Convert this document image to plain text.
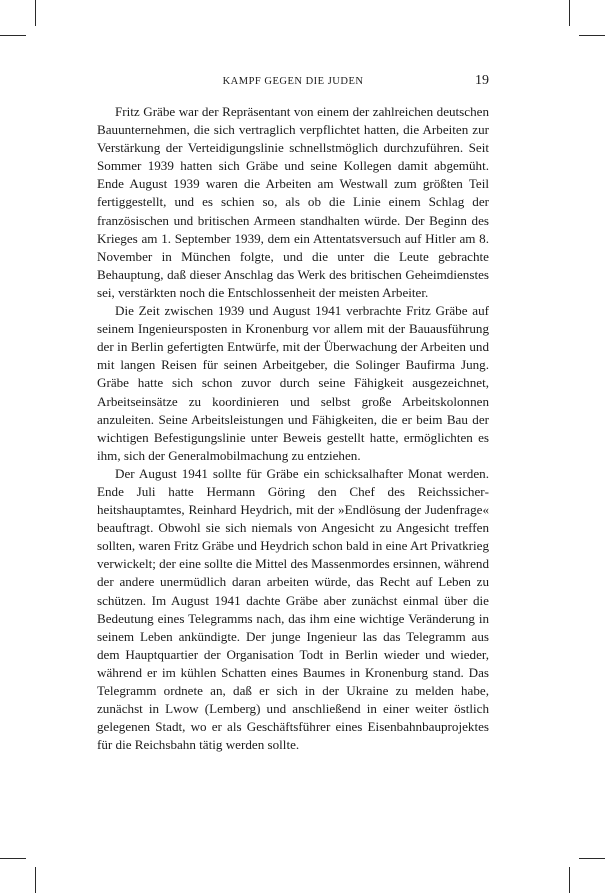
KAMPF GEGEN DIE JUDEN	19

Fritz Gräbe war der Repräsentant von einem der zahlreichen deutschen Bauunternehmen, die sich vertraglich verpflichtet hatten, die Arbeiten zur Verstärkung der Verteidigungslinie schnellstmöglich durchzuführen. Seit Sommer 1939 hatten sich Gräbe und seine Kollegen damit abgemüht. Ende August 1939 waren die Arbeiten am Westwall zum größten Teil fertiggestellt, und es schien so, als ob die Linie einem Schlag der französischen und britischen Armeen standhalten würde. Der Beginn des Krieges am 1. September 1939, dem ein Attentatsversuch auf Hitler am 8. November in München folgte, und die unter die Leute gebrachte Behauptung, daß dieser Anschlag das Werk des britischen Geheimdienstes sei, verstärkten noch die Entschlossenheit der meisten Arbeiter.

Die Zeit zwischen 1939 und August 1941 verbrachte Fritz Gräbe auf seinem Ingenieursposten in Kronenburg vor allem mit der Bauausführung der in Berlin gefertigten Entwürfe, mit der Überwachung der Arbeiten und mit langen Reisen für seinen Arbeitgeber, die Solinger Baufirma Jung. Gräbe hatte sich schon zuvor durch seine Fähigkeit ausgezeichnet, Arbeitseinsätze zu koordinieren und selbst große Arbeitskolonnen anzuleiten. Seine Arbeitsleistungen und Fähigkeiten, die er beim Bau der wichtigen Befestigungslinie unter Beweis gestellt hatte, ermöglichten es ihm, sich der Generalmobilmachung zu entziehen.

Der August 1941 sollte für Gräbe ein schicksalhafter Monat werden. Ende Juli hatte Hermann Göring den Chef des Reichssicherheitshauptamtes, Reinhard Heydrich, mit der »Endlösung der Judenfrage« beauftragt. Obwohl sie sich niemals von Angesicht zu Angesicht treffen sollten, waren Fritz Gräbe und Heydrich schon bald in eine Art Privatkrieg verwickelt; der eine sollte die Mittel des Massenmordes ersinnen, während der andere unermüdlich daran arbeiten würde, das Recht auf Leben zu schützen. Im August 1941 dachte Gräbe aber zunächst einmal über die Bedeutung eines Telegramms nach, das ihm eine wichtige Veränderung in seinem Leben ankündigte. Der junge Ingenieur las das Telegramm aus dem Hauptquartier der Organisation Todt in Berlin wieder und wieder, während er im kühlen Schatten eines Baumes in Kronenburg stand. Das Telegramm ordnete an, daß er sich in der Ukraine zu melden habe, zunächst in Lwow (Lemberg) und anschließend in einer weiter östlich gelegenen Stadt, wo er als Geschäftsführer eines Eisenbahnbauprojektes für die Reichsbahn tätig werden sollte.
